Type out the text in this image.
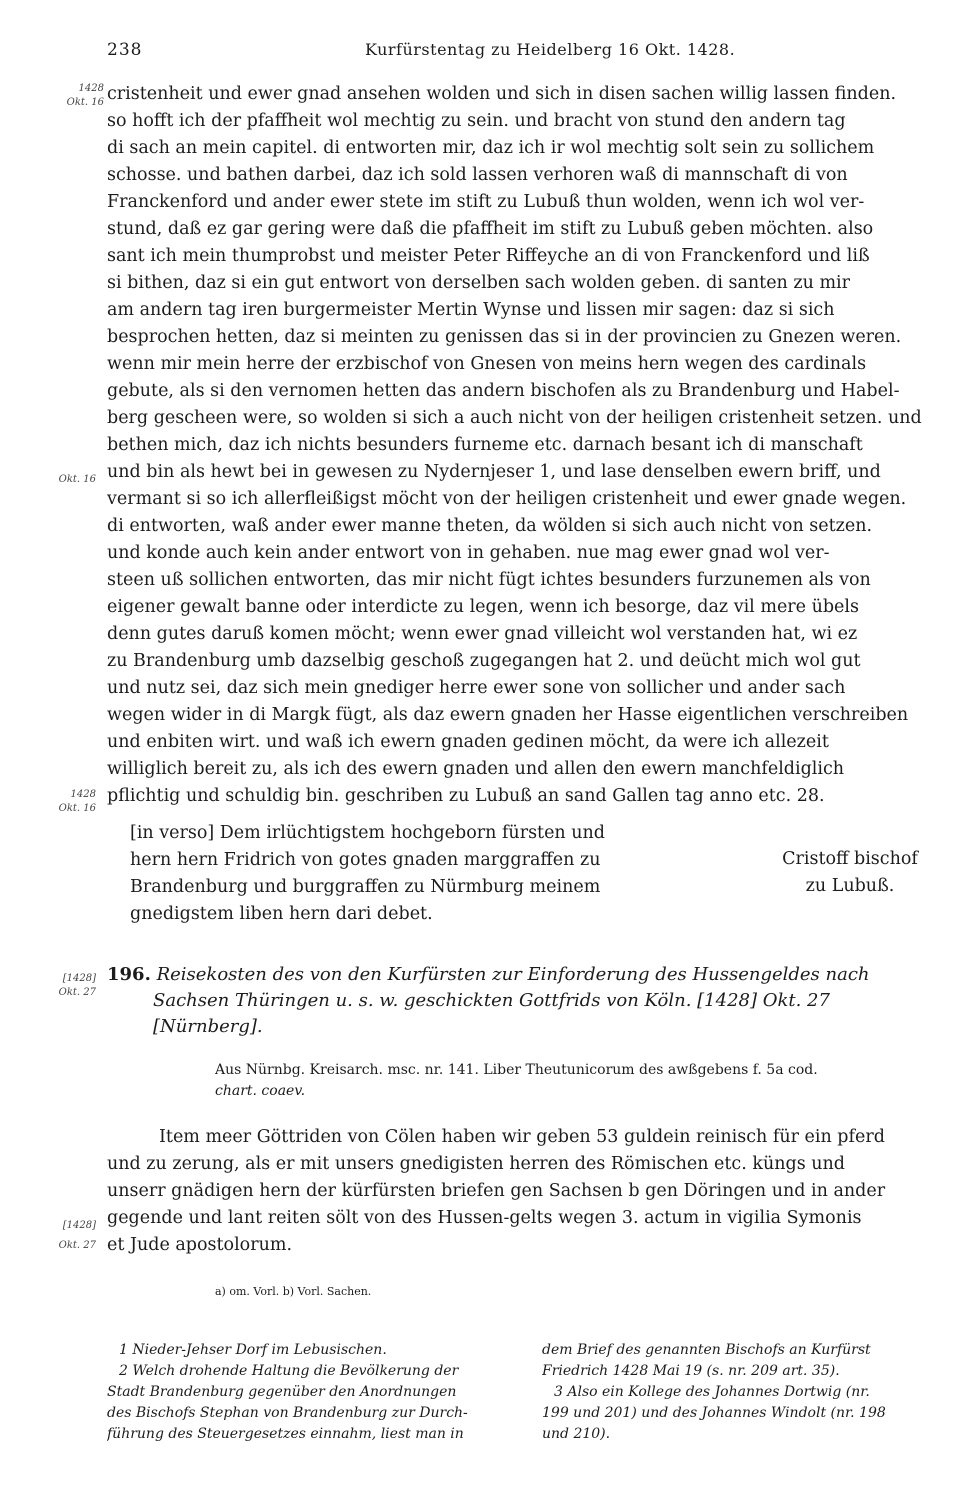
238	Kurfürstentag zu Heidelberg 16 Okt. 1428.
1428
Okt. 16
Okt. 16
1428
Okt. 16
[1428]
Okt. 27
[1428]
Okt. 27
cristenheit und ewer gnad ansehen wolden und sich in disen sachen willig lassen finden.
so hofft ich der pfaffheit wol mechtig zu sein. und bracht von stund den andern tag
di sach an mein capitel. di entworten mir, daz ich ir wol mechtig solt sein zu sollichem
schosse. und bathen darbei, daz ich sold lassen verhoren waß di mannschaft di von
Franckenford und ander ewer stete im stift zu Lubuß thun wolden, wenn ich wol ver-
stund, daß ez gar gering were daß die pfaffheit im stift zu Lubuß geben möchten. also
sant ich mein thumprobst und meister Peter Riffeyche an di von Franckenford und liß
si bithen, daz si ein gut entwort von derselben sach wolden geben. di santen zu mir
am andern tag iren burgermeister Mertin Wynse und lissen mir sagen: daz si sich
besprochen hetten, daz si meinten zu genissen das si in der provincien zu Gnezen weren.
wenn mir mein herre der erzbischof von Gnesen von meins hern wegen des cardinals
gebute, als si den vernomen hetten das andern bischofen als zu Brandenburg und Habel-
berg gescheen were, so wolden si sich a auch nicht von der heiligen cristenheit setzen. und
bethen mich, daz ich nichts besunders furneme etc. darnach besant ich di manschaft
und bin als hewt bei in gewesen zu Nydernjeser 1, und lase denselben ewern briff, und
vermant si so ich allerfleißigst möcht von der heiligen cristenheit und ewer gnade wegen.
di entworten, waß ander ewer manne theten, da wölden si sich auch nicht von setzen.
und konde auch kein ander entwort von in gehaben. nue mag ewer gnad wol ver-
steen uß sollichen entworten, das mir nicht fügt ichtes besunders furzunemen als von
eigener gewalt banne oder interdicte zu legen, wenn ich besorge, daz vil mere übels
denn gutes daruß komen möcht; wenn ewer gnad villeicht wol verstanden hat, wi ez
zu Brandenburg umb dazselbig geschoß zugegangen hat 2. und deücht mich wol gut
und nutz sei, daz sich mein gnediger herre ewer sone von sollicher und ander sach
wegen wider in di Margk fügt, als daz ewern gnaden her Hasse eigentlichen verschreiben
und enbiten wirt. und waß ich ewern gnaden gedinen möcht, da were ich allezeit
williglich bereit zu, als ich des ewern gnaden und allen den ewern manchfeldiglich
pflichtig und schuldig bin. geschriben zu Lubuß an sand Gallen tag anno etc. 28.
[in verso] Dem irlüchtigstem hochgeborn fürsten und
hern hern Fridrich von gotes gnaden marggraffen zu
Brandenburg und burggraffen zu Nürmburg meinem
gnedigstem liben hern dari debet.
Cristoff bischof
zu Lubuß.
196. Reisekosten des von den Kurfürsten zur Einforderung des Hussengeldes nach
Sachsen Thüringen u. s. w. geschickten Gottfrids von Köln. [1428] Okt. 27
[Nürnberg].
Aus Nürnbg. Kreisarch. msc. nr. 141. Liber Theutunicorum des awßgebens f. 5a cod.
chart. coaev.
Item meer Göttriden von Cölen haben wir geben 53 guldein reinisch für ein pferd
und zu zerung, als er mit unsers gnedigisten herren des Römischen etc. küngs und
unserr gnädigen hern der kürfürsten briefen gen Sachsen b gen Döringen und in ander
gegende und lant reiten sölt von des Hussen-gelts wegen 3. actum in vigilia Symonis
et Jude apostolorum.
a) om. Vorl. b) Vorl. Sachen.
1 Nieder-Jehser Dorf im Lebusischen.
2 Welch drohende Haltung die Bevölkerung der
Stadt Brandenburg gegenüber den Anordnungen
des Bischofs Stephan von Brandenburg zur Durch-
führung des Steuergesetzes einnahm, liest man in
dem Brief des genannten Bischofs an Kurfürst
Friedrich 1428 Mai 19 (s. nr. 209 art. 35).
3 Also ein Kollege des Johannes Dortwig (nr.
199 und 201) und des Johannes Windolt (nr. 198
und 210).
